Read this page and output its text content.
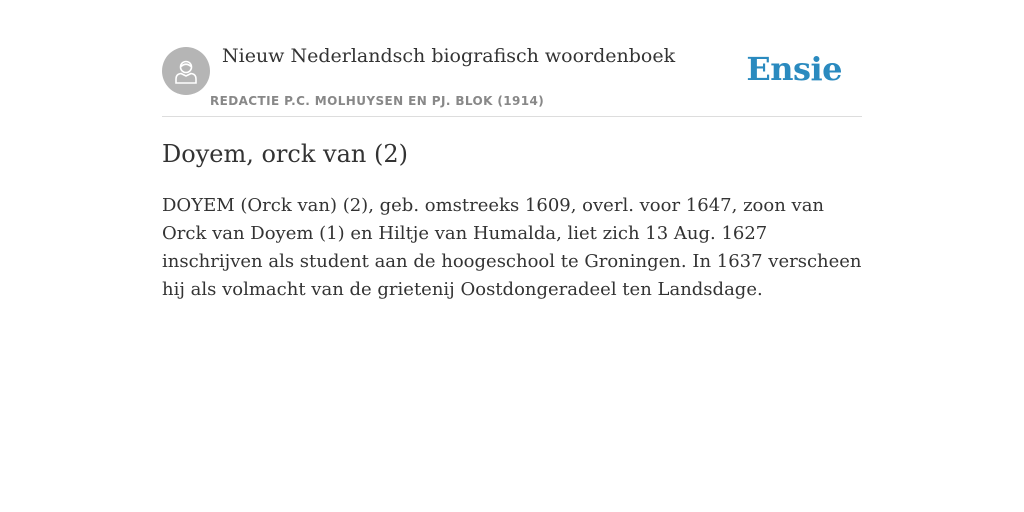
Nieuw Nederlandsch biografisch woordenboek
REDACTIE P.C. MOLHUYSEN EN PJ. BLOK (1914)
Ensie
Doyem, orck van (2)

DOYEM (Orck van) (2), geb. omstreeks 1609, overl. voor 1647, zoon van Orck van Doyem (1) en Hiltje van Humalda, liet zich 13 Aug. 1627 inschrijven als student aan de hoogeschool te Groningen. In 1637 verscheen hij als volmacht van de grietenij Oostdongeradeel ten Landsdage.
